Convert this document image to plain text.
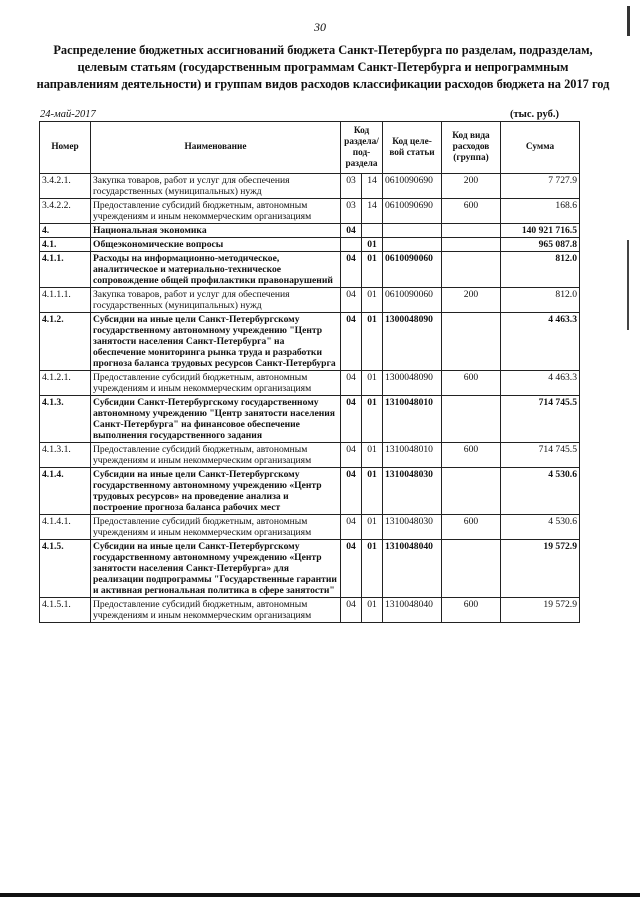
30
Распределение бюджетных ассигнований бюджета Санкт-Петербурга по разделам, подразделам, целевым статьям (государственным программам Санкт-Петербурга и непрограммным направлениям деятельности) и группам видов расходов классификации расходов бюджета на 2017 год
24-май-2017	(тыс. руб.)
Номер	Наименование	Код раздела/ под- раздела		Код целе- вой статьи	Код вида расходов (группа)	Сумма
3.4.2.1.	Закупка товаров, работ и услуг для обеспечения государственных (муниципальных) нужд	03	14	0610090690	200	7 727.9
3.4.2.2.	Предоставление субсидий бюджетным, автономным учреждениям и иным некоммерческим организациям	03	14	0610090690	600	168.6
4.	Национальная экономика	04				140 921 716.5
4.1.	Общеэкономические вопросы		01			965 087.8
4.1.1.	Расходы на информационно-методическое, аналитическое и материально-техническое сопровождение общей профилактики правонарушений	04	01	0610090060		812.0
4.1.1.1.	Закупка товаров, работ и услуг для обеспечения государственных (муниципальных) нужд	04	01	0610090060	200	812.0
4.1.2.	Субсидии на иные цели Санкт-Петербургскому государственному автономному учреждению "Центр занятости населения Санкт-Петербурга" на обеспечение мониторинга рынка труда и разработки прогноза баланса трудовых ресурсов Санкт-Петербурга	04	01	1300048090		4 463.3
4.1.2.1.	Предоставление субсидий бюджетным, автономным учреждениям и иным некоммерческим организациям	04	01	1300048090	600	4 463.3
4.1.3.	Субсидии Санкт-Петербургскому государственному автономному учреждению "Центр занятости населения Санкт-Петербурга" на финансовое обеспечение выполнения государственного задания	04	01	1310048010		714 745.5
4.1.3.1.	Предоставление субсидий бюджетным, автономным учреждениям и иным некоммерческим организациям	04	01	1310048010	600	714 745.5
4.1.4.	Субсидии на иные цели Санкт-Петербургскому государственному автономному учреждению «Центр трудовых ресурсов» на проведение анализа и построение прогноза баланса рабочих мест	04	01	1310048030		4 530.6
4.1.4.1.	Предоставление субсидий бюджетным, автономным учреждениям и иным некоммерческим организациям	04	01	1310048030	600	4 530.6
4.1.5.	Субсидии на иные цели Санкт-Петербургскому государственному автономному учреждению «Центр занятости населения Санкт-Петербурга» для реализации подпрограммы "Государственные гарантии и активная региональная политика в сфере занятости"	04	01	1310048040		19 572.9
4.1.5.1.	Предоставление субсидий бюджетным, автономным учреждениям и иным некоммерческим организациям	04	01	1310048040	600	19 572.9
